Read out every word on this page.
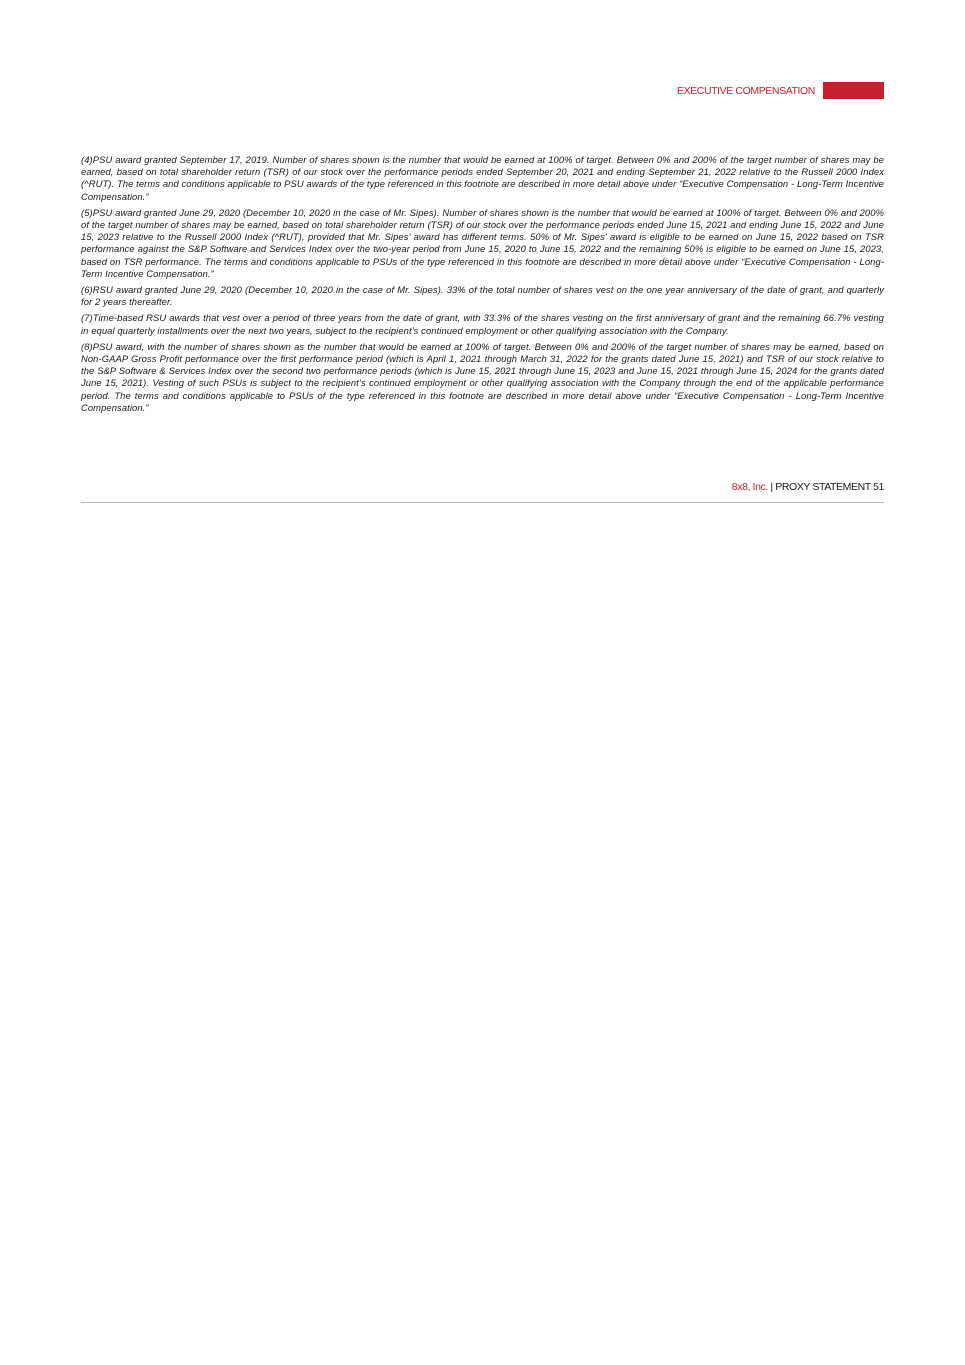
EXECUTIVE COMPENSATION

(4)PSU award granted September 17, 2019. Number of shares shown is the number that would be earned at 100% of target. Between 0% and 200% of the target number of shares may be earned, based on total shareholder return (TSR) of our stock over the performance periods ended September 20, 2021 and ending September 21, 2022 relative to the Russell 2000 Index (^RUT). The terms and conditions applicable to PSU awards of the type referenced in this footnote are described in more detail above under “Executive Compensation - Long-Term Incentive Compensation.”

(5)PSU award granted June 29, 2020 (December 10, 2020 in the case of Mr. Sipes). Number of shares shown is the number that would be earned at 100% of target. Between 0% and 200% of the target number of shares may be earned, based on total shareholder return (TSR) of our stock over the performance periods ended June 15, 2021 and ending June 15, 2022 and June 15, 2023 relative to the Russell 2000 Index (^RUT), provided that Mr. Sipes’ award has different terms. 50% of Mr. Sipes’ award is eligible to be earned on June 15, 2022 based on TSR performance against the S&P Software and Services Index over the two-year period from June 15, 2020 to June 15, 2022 and the remaining 50% is eligible to be earned on June 15, 2023, based on TSR performance. The terms and conditions applicable to PSUs of the type referenced in this footnote are described in more detail above under “Executive Compensation - Long-Term Incentive Compensation.”

(6)RSU award granted June 29, 2020 (December 10, 2020 in the case of Mr. Sipes). 33% of the total number of shares vest on the one year anniversary of the date of grant, and quarterly for 2 years thereafter.

(7)Time-based RSU awards that vest over a period of three years from the date of grant, with 33.3% of the shares vesting on the first anniversary of grant and the remaining 66.7% vesting in equal quarterly installments over the next two years, subject to the recipient’s continued employment or other qualifying association with the Company.

(8)PSU award, with the number of shares shown as the number that would be earned at 100% of target. Between 0% and 200% of the target number of shares may be earned, based on Non-GAAP Gross Profit performance over the first performance period (which is April 1, 2021 through March 31, 2022 for the grants dated June 15, 2021) and TSR of our stock relative to the S&P Software & Services Index over the second two performance periods (which is June 15, 2021 through June 15, 2023 and June 15, 2021 through June 15, 2024 for the grants dated June 15, 2021). Vesting of such PSUs is subject to the recipient’s continued employment or other qualifying association with the Company through the end of the applicable performance period. The terms and conditions applicable to PSUs of the type referenced in this footnote are described in more detail above under “Executive Compensation - Long-Term Incentive Compensation.”

8x8, Inc. | PROXY STATEMENT 51
